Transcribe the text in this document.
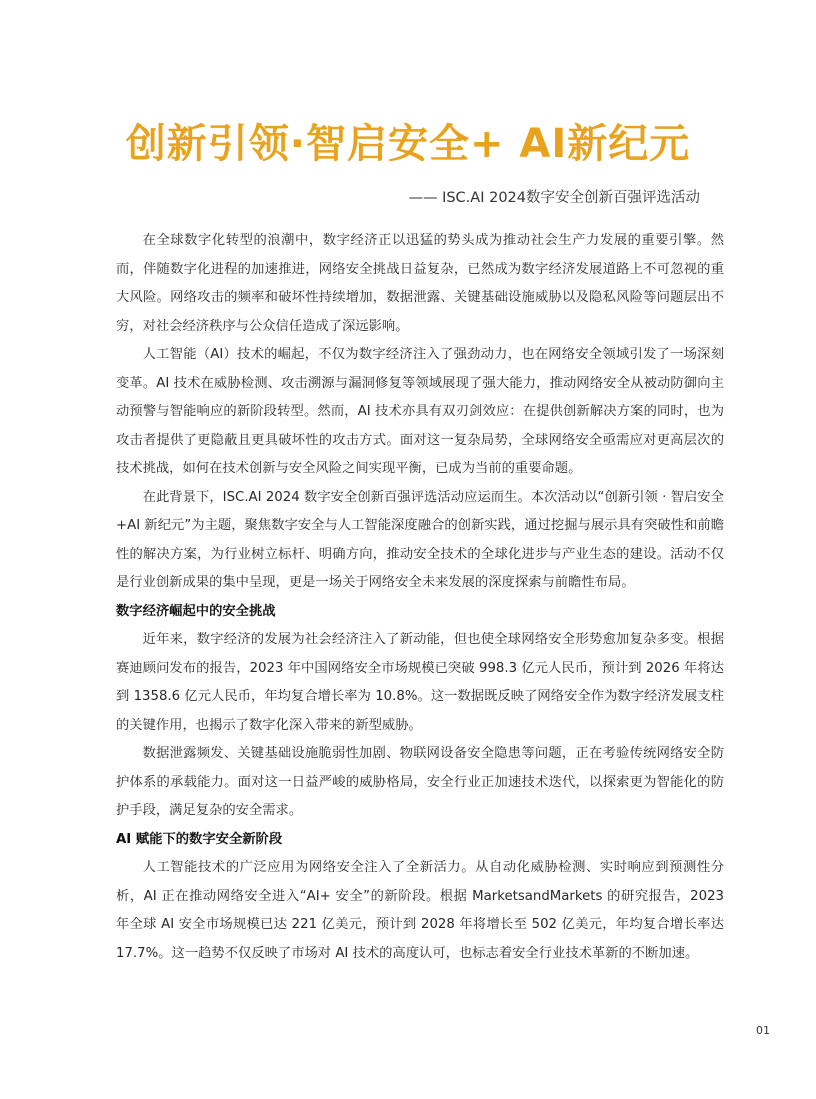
创新引领·智启安全+ AI新纪元
—— ISC.AI 2024数字安全创新百强评选活动

在全球数字化转型的浪潮中，数字经济正以迅猛的势头成为推动社会生产力发展的重要引擎。然而，伴随数字化进程的加速推进，网络安全挑战日益复杂，已然成为数字经济发展道路上不可忽视的重大风险。网络攻击的频率和破坏性持续增加，数据泄露、关键基础设施威胁以及隐私风险等问题层出不穷，对社会经济秩序与公众信任造成了深远影响。

人工智能（AI）技术的崛起，不仅为数字经济注入了强劲动力，也在网络安全领域引发了一场深刻变革。AI 技术在威胁检测、攻击溯源与漏洞修复等领域展现了强大能力，推动网络安全从被动防御向主动预警与智能响应的新阶段转型。然而，AI 技术亦具有双刃剑效应：在提供创新解决方案的同时，也为攻击者提供了更隐蔽且更具破坏性的攻击方式。面对这一复杂局势，全球网络安全亟需应对更高层次的技术挑战，如何在技术创新与安全风险之间实现平衡，已成为当前的重要命题。

在此背景下，ISC.AI 2024 数字安全创新百强评选活动应运而生。本次活动以“创新引领 · 智启安全 +AI 新纪元”为主题，聚焦数字安全与人工智能深度融合的创新实践，通过挖掘与展示具有突破性和前瞻性的解决方案，为行业树立标杆、明确方向，推动安全技术的全球化进步与产业生态的建设。活动不仅是行业创新成果的集中呈现，更是一场关于网络安全未来发展的深度探索与前瞻性布局。

数字经济崛起中的安全挑战

近年来，数字经济的发展为社会经济注入了新动能，但也使全球网络安全形势愈加复杂多变。根据赛迪顾问发布的报告，2023 年中国网络安全市场规模已突破 998.3 亿元人民币，预计到 2026 年将达到 1358.6 亿元人民币，年均复合增长率为 10.8%。这一数据既反映了网络安全作为数字经济发展支柱的关键作用，也揭示了数字化深入带来的新型威胁。

数据泄露频发、关键基础设施脆弱性加剧、物联网设备安全隐患等问题，正在考验传统网络安全防护体系的承载能力。面对这一日益严峻的威胁格局，安全行业正加速技术迭代，以探索更为智能化的防护手段，满足复杂的安全需求。

AI 赋能下的数字安全新阶段

人工智能技术的广泛应用为网络安全注入了全新活力。从自动化威胁检测、实时响应到预测性分析，AI 正在推动网络安全进入“AI+ 安全”的新阶段。根据 MarketsandMarkets 的研究报告，2023 年全球 AI 安全市场规模已达 221 亿美元，预计到 2028 年将增长至 502 亿美元，年均复合增长率达 17.7%。这一趋势不仅反映了市场对 AI 技术的高度认可，也标志着安全行业技术革新的不断加速。

01
